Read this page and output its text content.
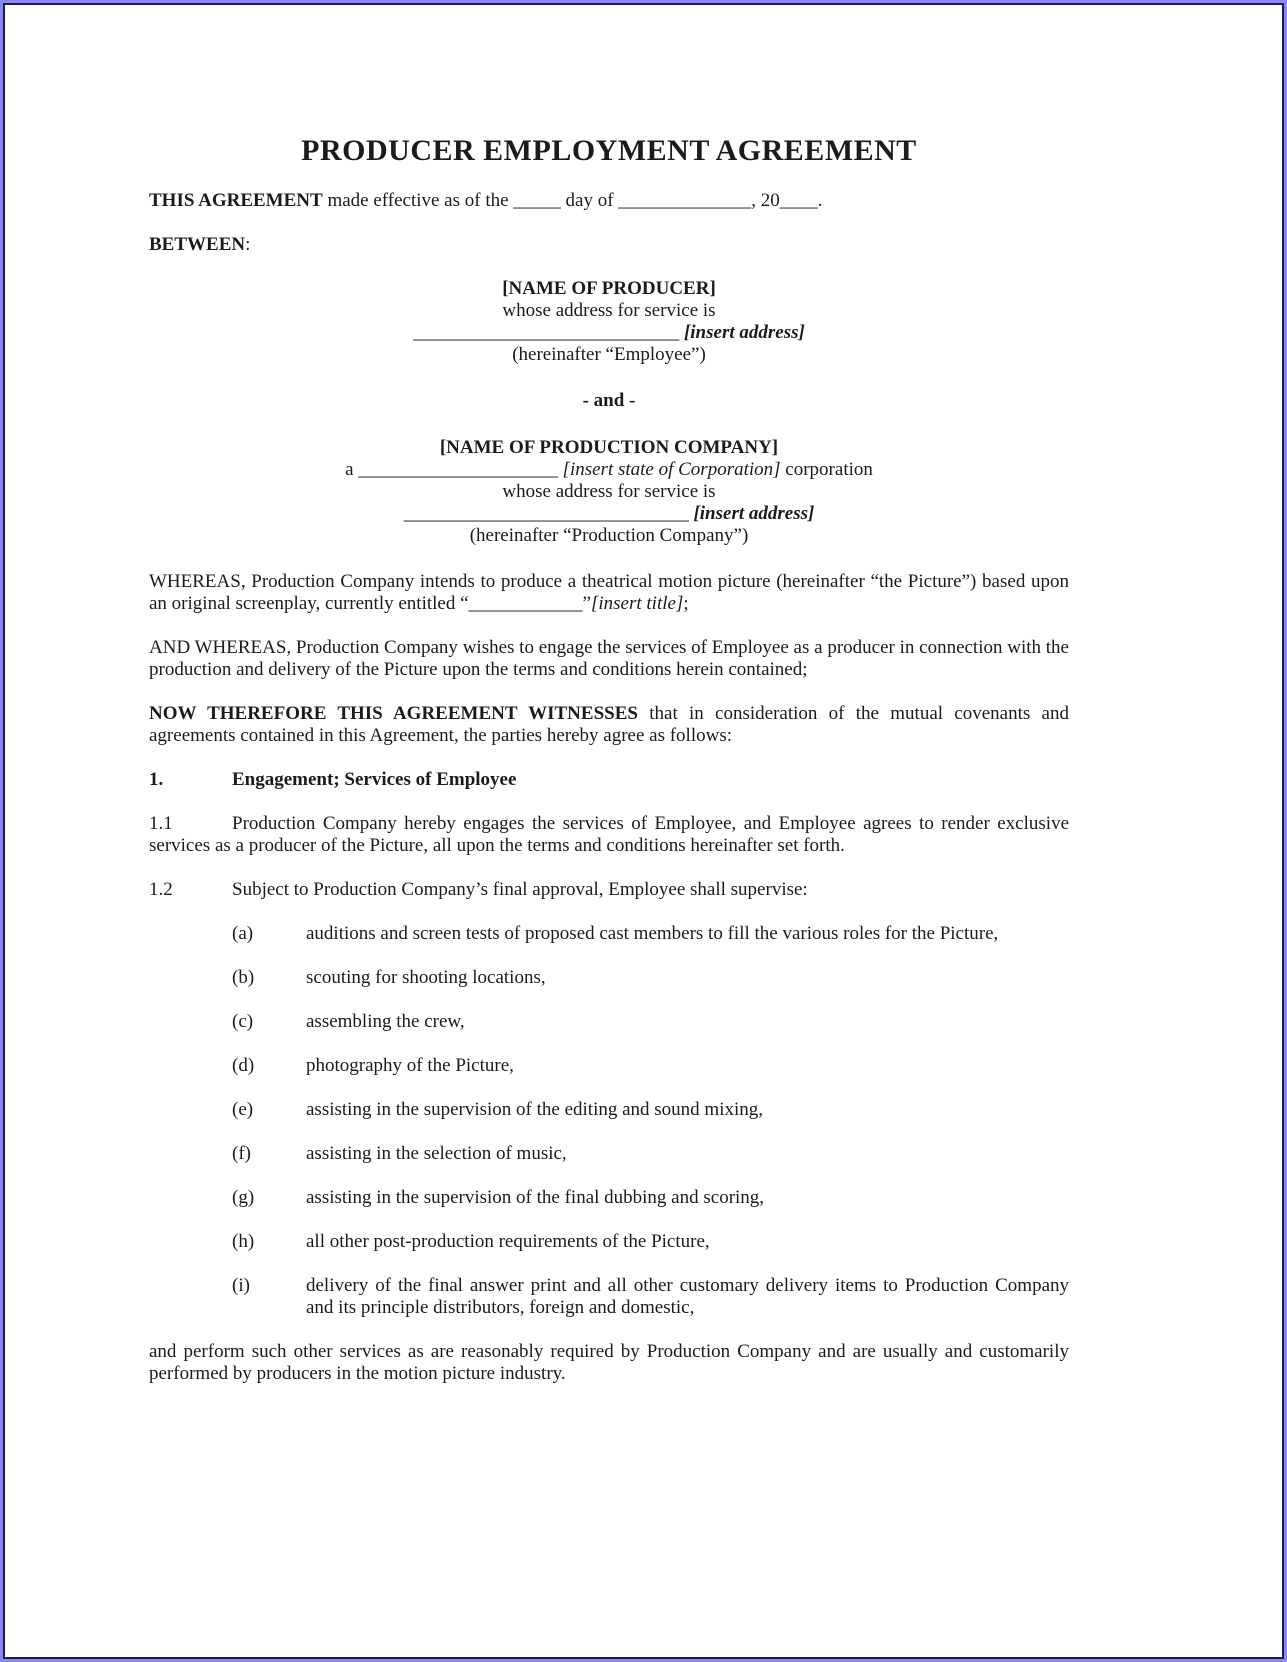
PRODUCER EMPLOYMENT AGREEMENT

THIS AGREEMENT made effective as of the _____ day of ______________, 20____.

BETWEEN:

[NAME OF PRODUCER]
whose address for service is
____________________________ [insert address]
(hereinafter “Employee”)
- and -
[NAME OF PRODUCTION COMPANY]
a _____________________ [insert state of Corporation] corporation
whose address for service is
______________________________ [insert address]
(hereinafter “Production Company”)

WHEREAS, Production Company intends to produce a theatrical motion picture (hereinafter “the Picture”) based upon an original screenplay, currently entitled “____________”[insert title];

AND WHEREAS, Production Company wishes to engage the services of Employee as a producer in connection with the production and delivery of the Picture upon the terms and conditions herein contained;

NOW THEREFORE THIS AGREEMENT WITNESSES that in consideration of the mutual covenants and agreements contained in this Agreement, the parties hereby agree as follows:

1.	Engagement; Services of Employee

1.1	Production Company hereby engages the services of Employee, and Employee agrees to render exclusive services as a producer of the Picture, all upon the terms and conditions hereinafter set forth.

1.2	Subject to Production Company’s final approval, Employee shall supervise:

(a)	auditions and screen tests of proposed cast members to fill the various roles for the Picture,
(b)	scouting for shooting locations,
(c)	assembling the crew,
(d)	photography of the Picture,
(e)	assisting in the supervision of the editing and sound mixing,
(f)	assisting in the selection of music,
(g)	assisting in the supervision of the final dubbing and scoring,
(h)	all other post-production requirements of the Picture,
(i)	delivery of the final answer print and all other customary delivery items to Production Company and its principle distributors, foreign and domestic,

and perform such other services as are reasonably required by Production Company and are usually and customarily performed by producers in the motion picture industry.
